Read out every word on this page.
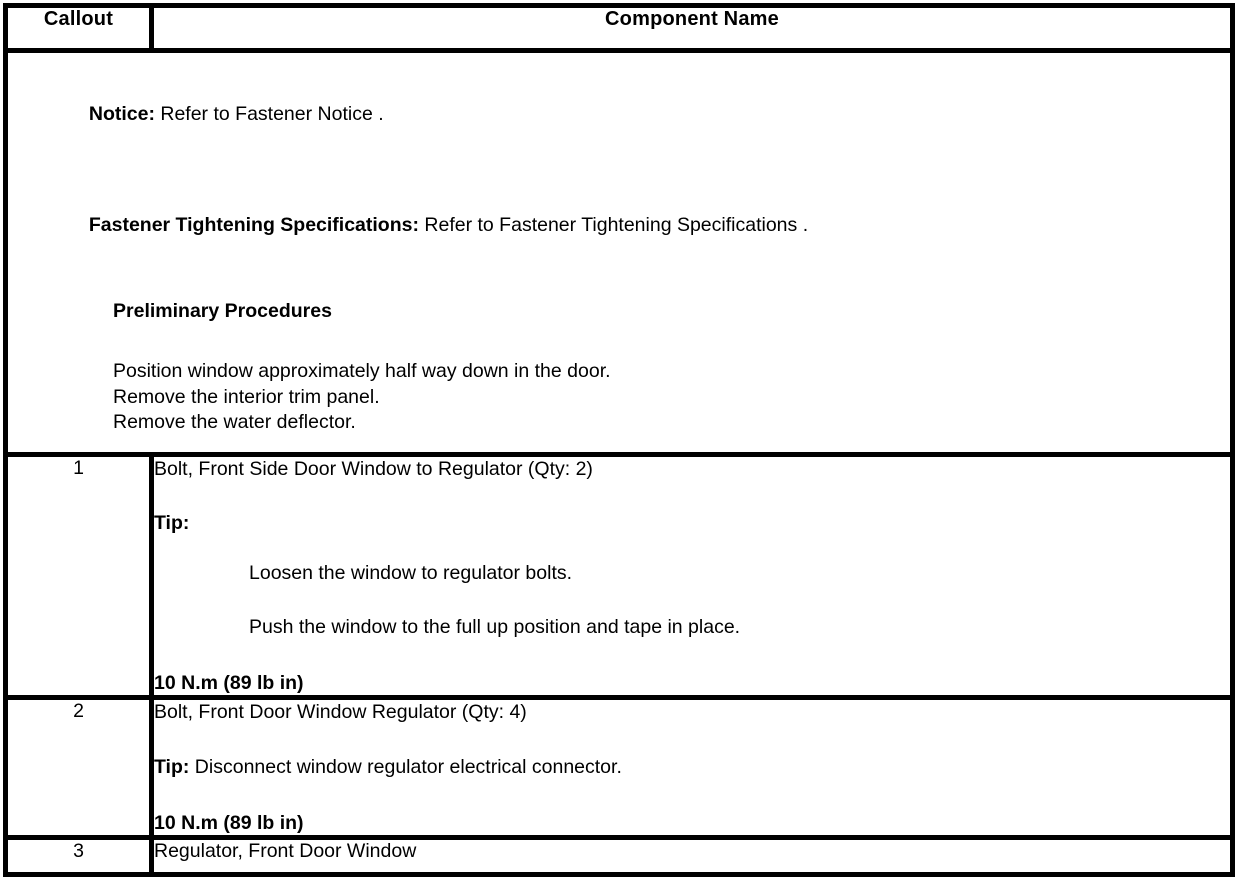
Callout	Component Name

Notice: Refer to Fastener Notice .

Fastener Tightening Specifications: Refer to Fastener Tightening Specifications .

Preliminary Procedures
Position window approximately half way down in the door.
Remove the interior trim panel.
Remove the water deflector.

1	Bolt, Front Side Door Window to Regulator (Qty: 2)
Tip:
Loosen the window to regulator bolts.
Push the window to the full up position and tape in place.
10 N.m (89 lb in)

2	Bolt, Front Door Window Regulator (Qty: 4)
Tip: Disconnect window regulator electrical connector.
10 N.m (89 lb in)

3	Regulator, Front Door Window
